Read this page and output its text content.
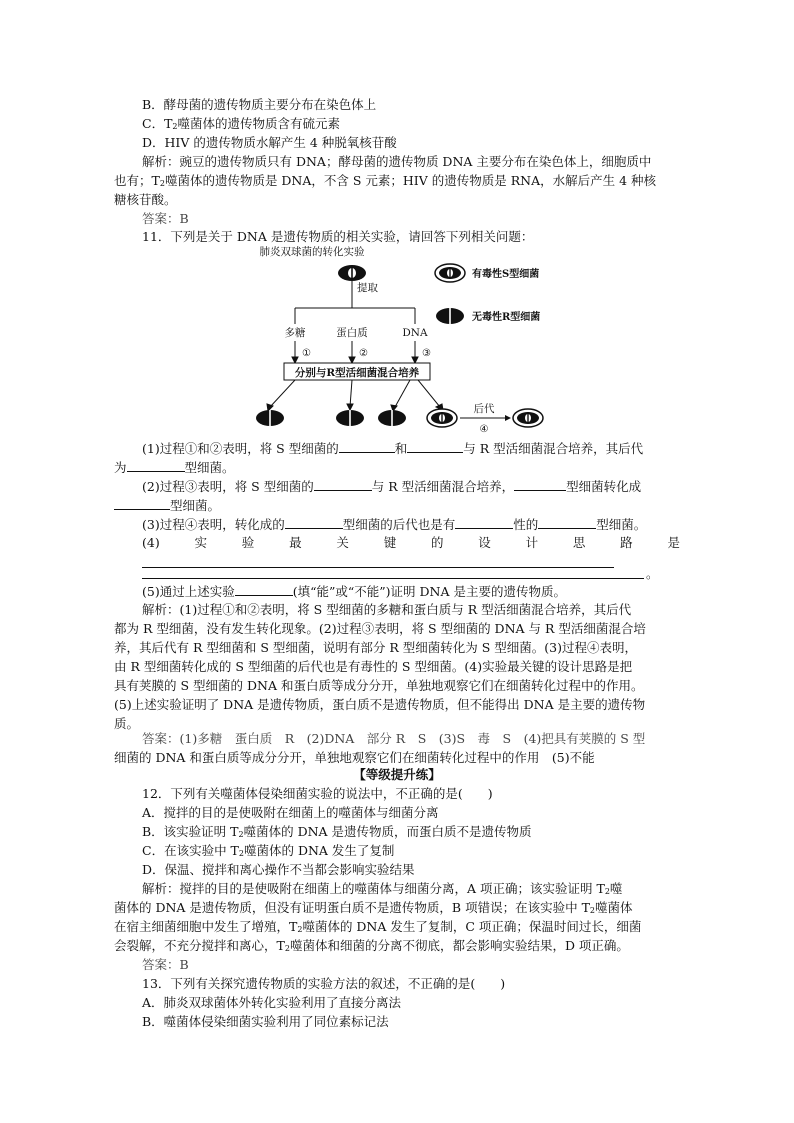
B．酵母菌的遗传物质主要分布在染色体上
C．T2噬菌体的遗传物质含有硫元素
D．HIV 的遗传物质水解产生 4 种脱氧核苷酸
解析：豌豆的遗传物质只有 DNA；酵母菌的遗传物质 DNA 主要分布在染色体上，细胞质中
也有；T2噬菌体的遗传物质是 DNA，不含 S 元素；HIV 的遗传物质是 RNA，水解后产生 4 种核
糖核苷酸。
答案：B
11．下列是关于 DNA 是遗传物质的相关实验，请回答下列相关问题：
肺炎双球菌的转化实验
提取
多糖	蛋白质	DNA
①	②	③
分别与R型活细菌混合培养
后代
④
有毒性S型细菌
无毒性R型细菌
(1)过程①和②表明，将 S 型细菌的	和	与 R 型活细菌混合培养，其后代
为	型细菌。
(2)过程③表明，将 S 型细菌的	与 R 型活细菌混合培养，	型细菌转化成
型细菌。
(3)过程④表明，转化成的	型细菌的后代也是有	性的	型细菌。
(4)	实	验	最	关	键	的	设	计	思	路	是
。
(5)通过上述实验	(填“能”或“不能”)证明 DNA 是主要的遗传物质。
解析：(1)过程①和②表明，将 S 型细菌的多糖和蛋白质与 R 型活细菌混合培养，其后代
都为 R 型细菌，没有发生转化现象。(2)过程③表明，将 S 型细菌的 DNA 与 R 型活细菌混合培
养，其后代有 R 型细菌和 S 型细菌，说明有部分 R 型细菌转化为 S 型细菌。(3)过程④表明，
由 R 型细菌转化成的 S 型细菌的后代也是有毒性的 S 型细菌。(4)实验最关键的设计思路是把
具有荚膜的 S 型细菌的 DNA 和蛋白质等成分分开，单独地观察它们在细菌转化过程中的作用。
(5)上述实验证明了 DNA 是遗传物质，蛋白质不是遗传物质，但不能得出 DNA 是主要的遗传物
质。
答案：(1)多糖　蛋白质　R　(2)DNA　部分 R　S　(3)S　毒　S　(4)把具有荚膜的 S 型
细菌的 DNA 和蛋白质等成分分开，单独地观察它们在细菌转化过程中的作用　(5)不能
【等级提升练】
12．下列有关噬菌体侵染细菌实验的说法中，不正确的是(　　)
A．搅拌的目的是使吸附在细菌上的噬菌体与细菌分离
B．该实验证明 T2噬菌体的 DNA 是遗传物质，而蛋白质不是遗传物质
C．在该实验中 T2噬菌体的 DNA 发生了复制
D．保温、搅拌和离心操作不当都会影响实验结果
解析：搅拌的目的是使吸附在细菌上的噬菌体与细菌分离，A 项正确；该实验证明 T2噬
菌体的 DNA 是遗传物质，但没有证明蛋白质不是遗传物质，B 项错误；在该实验中 T2噬菌体
在宿主细菌细胞中发生了增殖，T2噬菌体的 DNA 发生了复制，C 项正确；保温时间过长，细菌
会裂解，不充分搅拌和离心，T2噬菌体和细菌的分离不彻底，都会影响实验结果，D 项正确。
答案：B
13．下列有关探究遗传物质的实验方法的叙述，不正确的是(　　)
A．肺炎双球菌体外转化实验利用了直接分离法
B．噬菌体侵染细菌实验利用了同位素标记法
